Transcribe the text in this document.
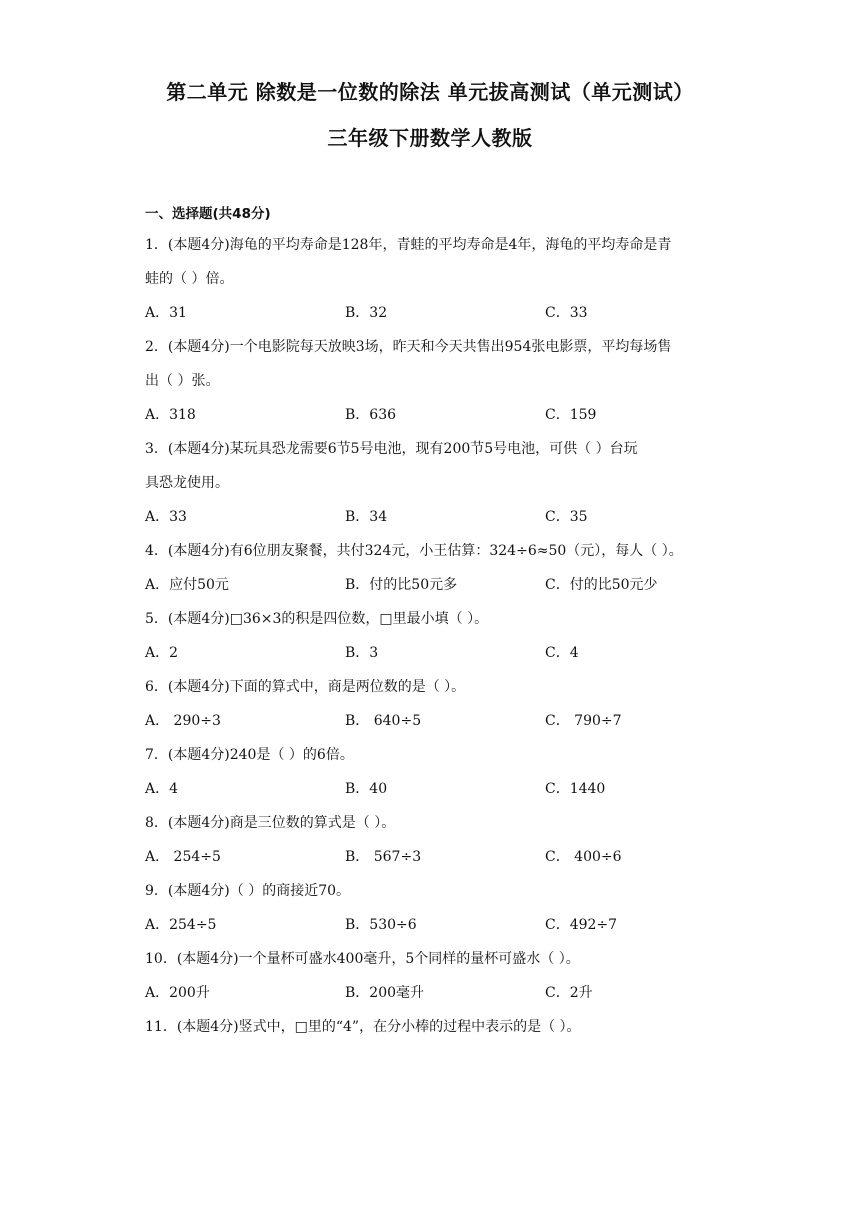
第二单元 除数是一位数的除法 单元拔高测试（单元测试）
三年级下册数学人教版
一、选择题(共48分)
1．(本题4分)海龟的平均寿命是128年，青蛙的平均寿命是4年，海龟的平均寿命是青
蛙的（ ）倍。
A．31	B．32	C．33
2．(本题4分)一个电影院每天放映3场，昨天和今天共售出954张电影票，平均每场售
出（ ）张。
A．318	B．636	C．159
3．(本题4分)某玩具恐龙需要6节5号电池，现有200节5号电池，可供（ ）台玩
具恐龙使用。
A．33	B．34	C．35
4．(本题4分)有6位朋友聚餐，共付324元，小王估算：324÷6≈50（元），每人（ ）。
A．应付50元	B．付的比50元多	C．付的比50元少
5．(本题4分)□36×3的积是四位数，□里最小填（ ）。
A．2	B．3	C．4
6．(本题4分)下面的算式中，商是两位数的是（ ）。
A． 290÷3	B． 640÷5	C． 790÷7
7．(本题4分)240是（ ）的6倍。
A．4	B．40	C．1440
8．(本题4分)商是三位数的算式是（ ）。
A． 254÷5	B． 567÷3	C． 400÷6
9．(本题4分)（ ）的商接近70。
A．254÷5	B．530÷6	C．492÷7
10．(本题4分)一个量杯可盛水400毫升，5个同样的量杯可盛水（ ）。
A．200升	B．200毫升	C．2升
11．(本题4分)竖式中，□里的“4”，在分小棒的过程中表示的是（ ）。
